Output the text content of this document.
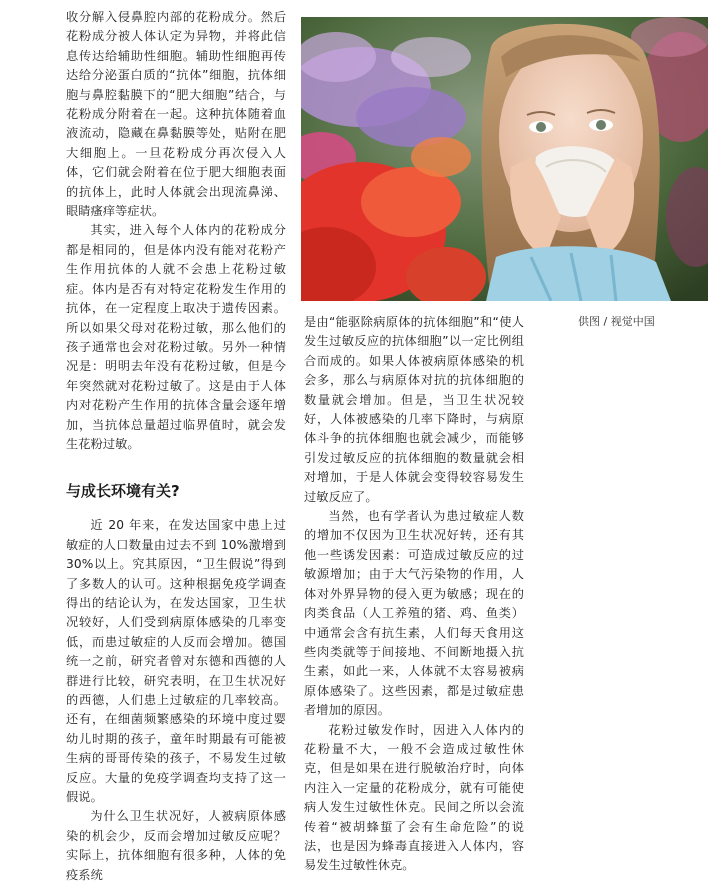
收分解入侵鼻腔内部的花粉成分。然后花粉成分被人体认定为异物，并将此信息传达给辅助性细胞。辅助性细胞再传达给分泌蛋白质的“抗体”细胞，抗体细胞与鼻腔黏膜下的“肥大细胞”结合，与花粉成分附着在一起。这种抗体随着血液流动，隐藏在鼻黏膜等处，贴附在肥大细胞上。一旦花粉成分再次侵入人体，它们就会附着在位于肥大细胞表面的抗体上，此时人体就会出现流鼻涕、眼睛瘙痒等症状。

其实，进入每个人体内的花粉成分都是相同的，但是体内没有能对花粉产生作用抗体的人就不会患上花粉过敏症。体内是否有对特定花粉发生作用的抗体，在一定程度上取决于遗传因素。所以如果父母对花粉过敏，那么他们的孩子通常也会对花粉过敏。另外一种情况是：明明去年没有花粉过敏，但是今年突然就对花粉过敏了。这是由于人体内对花粉产生作用的抗体含量会逐年增加，当抗体总量超过临界值时，就会发生花粉过敏。

与成长环境有关?

近 20 年来，在发达国家中患上过敏症的人口数量由过去不到 10%激增到 30%以上。究其原因，“卫生假说”得到了多数人的认可。这种根据免疫学调查得出的结论认为，在发达国家，卫生状况较好，人们受到病原体感染的几率变低，而患过敏症的人反而会增加。德国统一之前，研究者曾对东德和西德的人群进行比较，研究表明，在卫生状况好的西德，人们患上过敏症的几率较高。还有，在细菌频繁感染的环境中度过婴幼儿时期的孩子，童年时期最有可能被生病的哥哥传染的孩子，不易发生过敏反应。大量的免疫学调查均支持了这一假说。

为什么卫生状况好，人被病原体感染的机会少，反而会增加过敏反应呢？实际上，抗体细胞有很多种，人体的免疫系统

供图 / 视觉中国

是由“能驱除病原体的抗体细胞”和“使人发生过敏反应的抗体细胞”以一定比例组合而成的。如果人体被病原体感染的机会多，那么与病原体对抗的抗体细胞的数量就会增加。但是，当卫生状况较好，人体被感染的几率下降时，与病原体斗争的抗体细胞也就会减少，而能够引发过敏反应的抗体细胞的数量就会相对增加，于是人体就会变得较容易发生过敏反应了。

当然，也有学者认为患过敏症人数的增加不仅因为卫生状况好转，还有其他一些诱发因素：可造成过敏反应的过敏源增加；由于大气污染物的作用，人体对外界异物的侵入更为敏感；现在的肉类食品（人工养殖的猪、鸡、鱼类）中通常会含有抗生素，人们每天食用这些肉类就等于间接地、不间断地摄入抗生素，如此一来，人体就不太容易被病原体感染了。这些因素，都是过敏症患者增加的原因。

花粉过敏发作时，因进入人体内的花粉量不大，一般不会造成过敏性休克，但是如果在进行脱敏治疗时，向体内注入一定量的花粉成分，就有可能使病人发生过敏性休克。民间之所以会流传着“被胡蜂蜇了会有生命危险”的说法，也是因为蜂毒直接进入人体内，容易发生过敏性休克。
